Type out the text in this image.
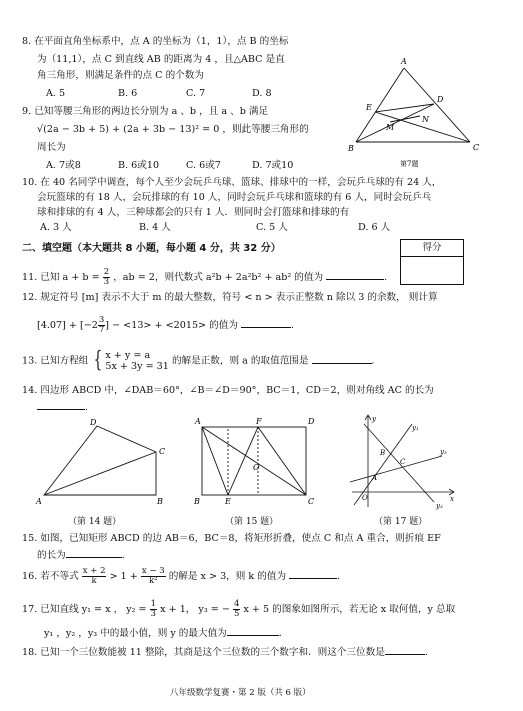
8. 在平面直角坐标系中，点 A 的坐标为（1，1），点 B 的坐标
为（11,1），点 C 到直线 AB 的距离为 4 ，且△ABC 是直
角三角形，则满足条件的点 C 的个数为
A. 5	B. 6	C. 7	D. 8
9. 已知等腰三角形的两边长分别为 a 、b ，且 a 、b 满足
√(2a − 3b + 5) + (2a + 3b − 13)² = 0 ，则此等腰三角形的
周长为
A. 7或8	B. 6或10	C. 6或7	D. 7或10
A
D
E
M
N
B	C
第7题
10. 在 40 名同学中调查，每个人至少会玩乒乓球、篮球、排球中的一样，会玩乒乓球的有 24 人，
会玩篮球的有 18 人，会玩排球的有 10 人，同时会玩乒乓球和篮球的有 6 人，同时会玩乒乓
球和排球的有 4 人，三种球都会的只有 1 人．则同时会打篮球和排球的有
A. 3 人	B. 4 人	C. 5 人	D. 6 人
二、填空题（本大题共 8 小题，每小题 4 分，共 32 分）	得分
11. 已知 $a + b = \frac{2}{3}$ ，ab = 2，则代数式 a²b + 2a²b² + ab² 的值为	.
12. 规定符号 [m] 表示不大于 m 的最大整数，符号 < n > 表示正整数 n 除以 3 的余数， 则计算
$[4.07] + [-2 \frac{3}{7}$ ] − <13> + <2015> 的值为	.
13. 已知方程组 { x + y = a
5x + 3y = 31 的解是正数，则 a 的取值范围是	.
14. 四边形 ABCD 中，∠DAB＝60°，∠B＝∠D＝90°，BC＝1，CD＝2，则对角线 AC 的长为
.
D
C
A	B
（第 14 题）
A	F	D
O
B	E	C
（第 15 题）
y
y₁
y₂
B
C
A
O	x
y₃
（第 17 题）
15. 如图，已知矩形 ABCD 的边 AB＝6，BC＝8，将矩形折叠，使点 C 和点 A 重合，则折痕 EF
的长为	.
16. 若不等式 $\frac{x + 2}{k} > 1 + \frac{x - 3}{\text{k²}}$ 的解是 x > 3，则 k 的值为	.
17. 已知直线 y₁ = x ， $y_2 = \frac{1}{3}$ x + 1， y₃ = − $\frac{4}{5}$ x + 5 的图象如图所示，若无论 x 取何值，y 总取
y₁ ，y₂ ，y₃ 中的最小值，则 y 的最大值为	.
18. 已知一个三位数能被 11 整除，其商是这个三位数的三个数字和．则这个三位数是	.
八年级数学复赛・第 2 版（共 6 版）
